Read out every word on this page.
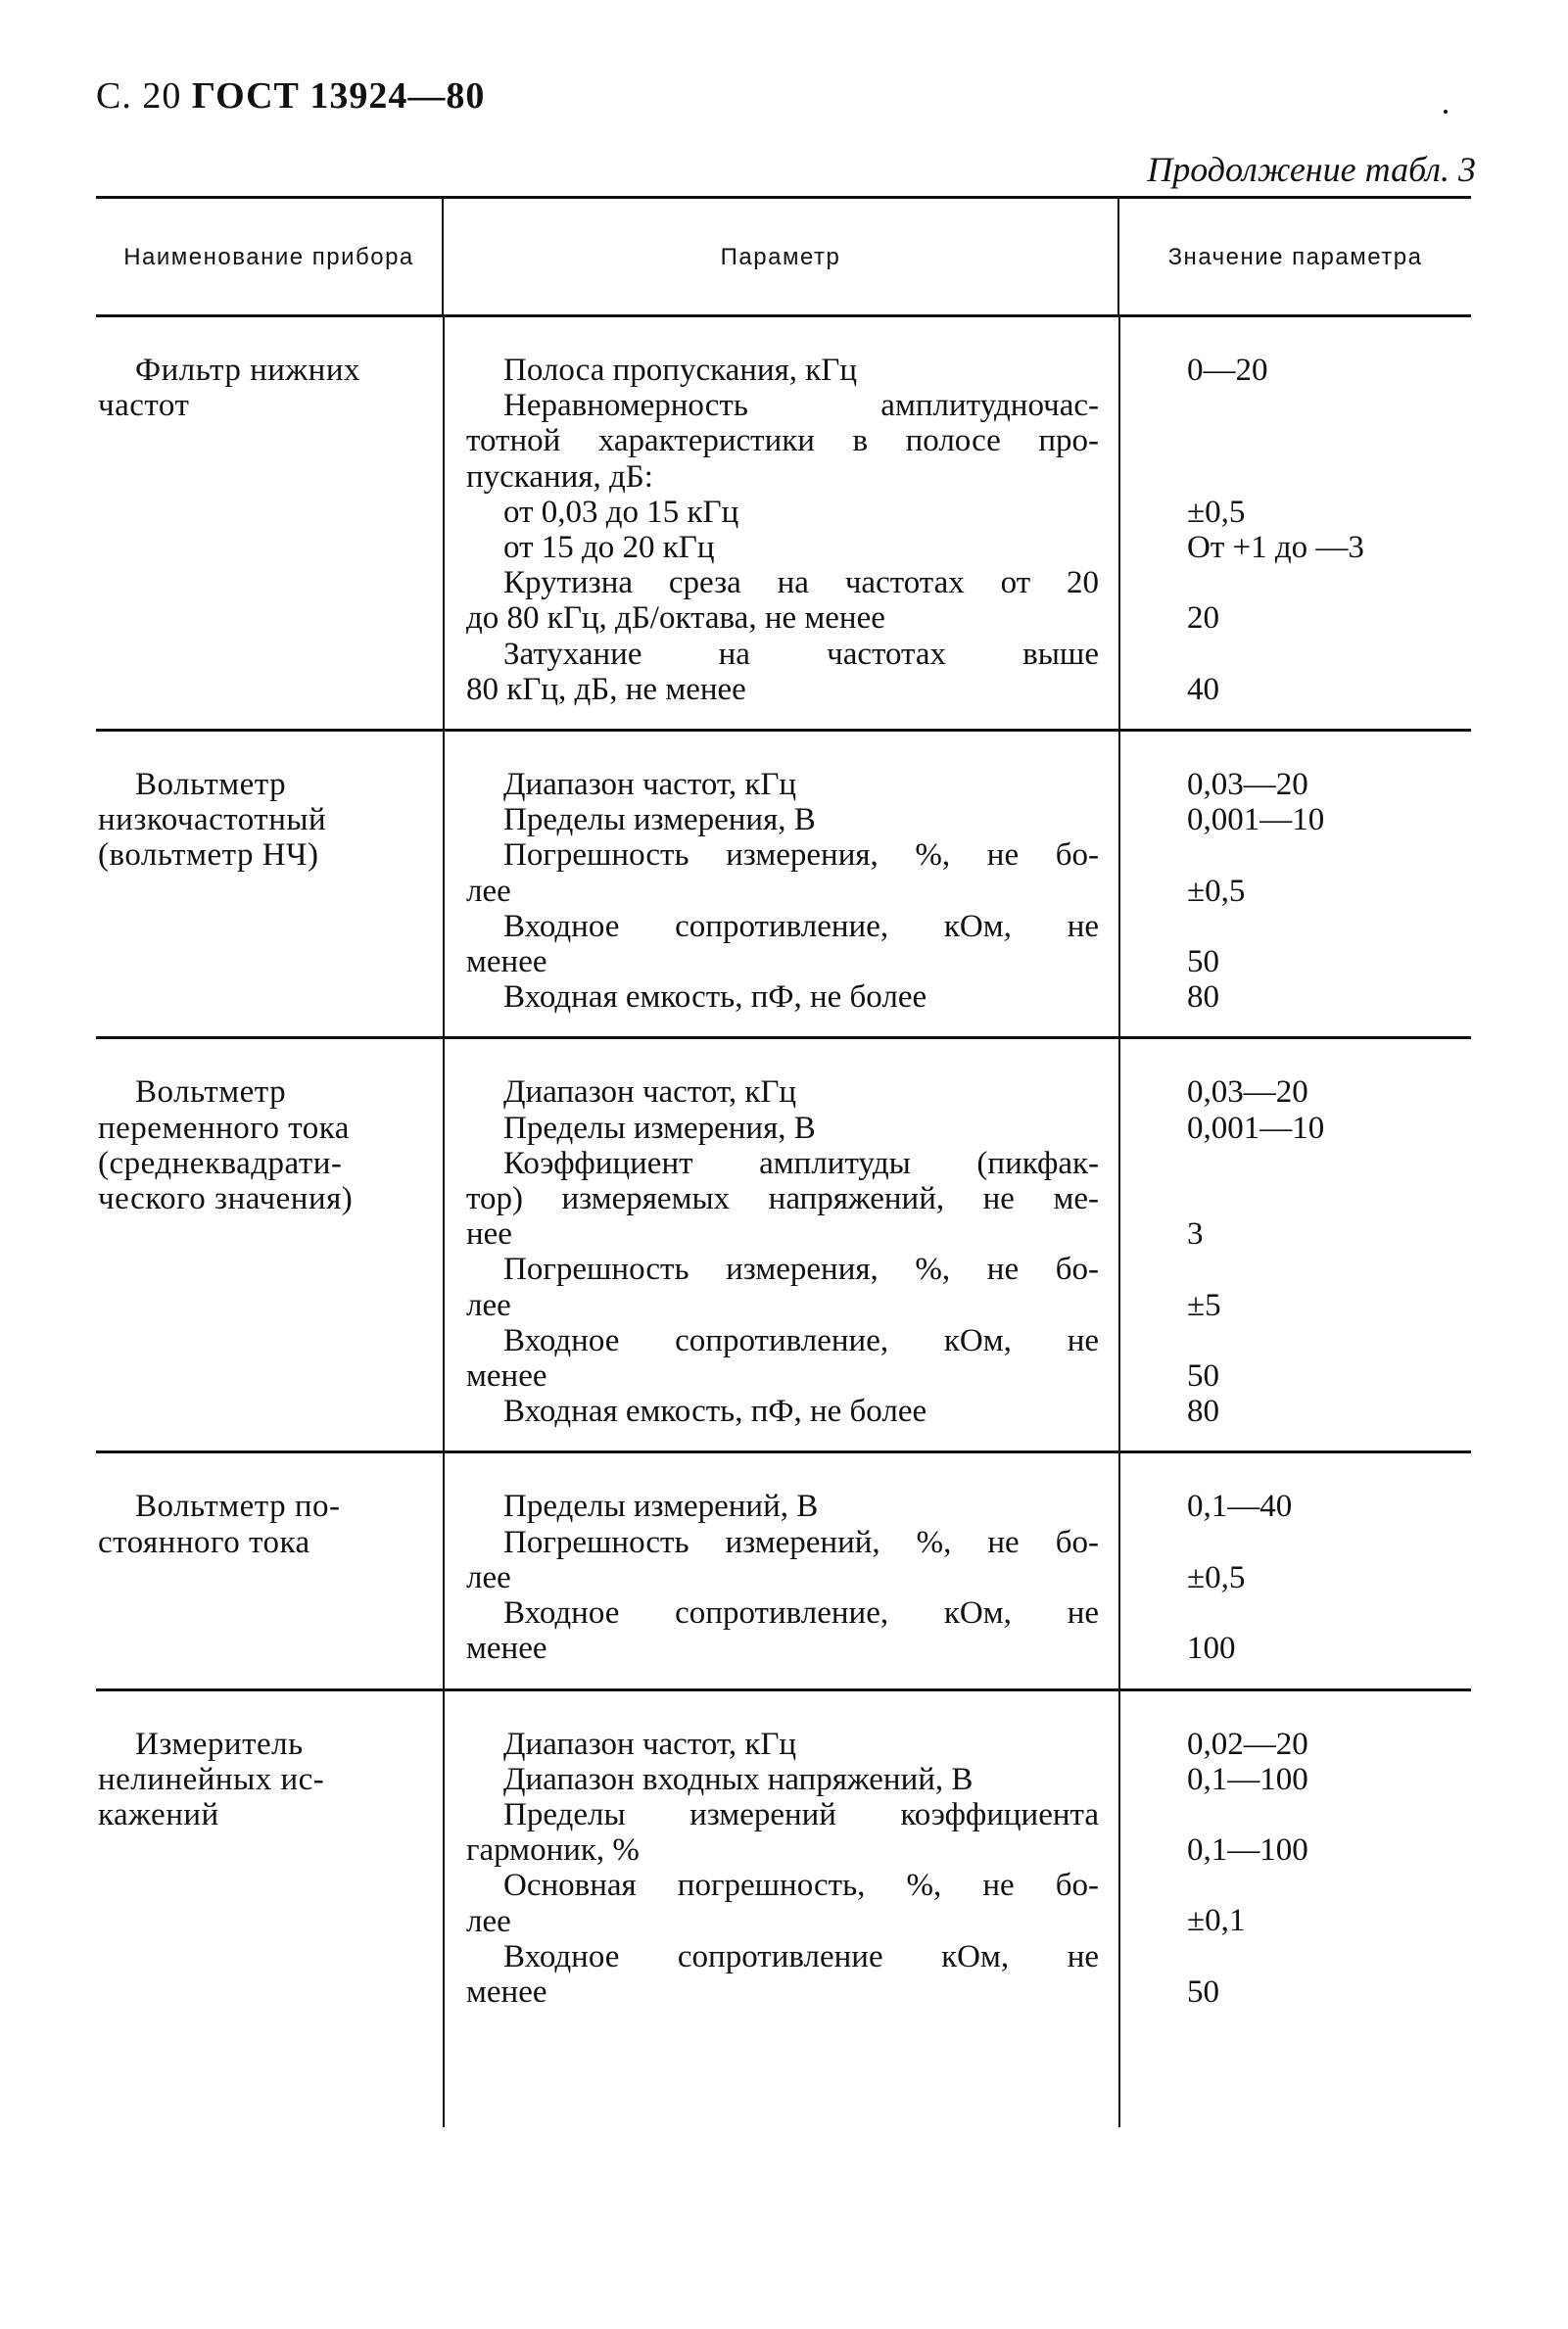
С. 20 ГОСТ 13924—80
Продолжение табл. 3
Наименование прибора	Параметр	Значение параметра
Фильтр нижних
частот
Полоса пропускания, кГц
Неравномерность амплитудночас-
тотной характеристики в полосе про-
пускания, дБ:
от 0,03 до 15 кГц
от 15 до 20 кГц
Крутизна среза на частотах от 20
до 80 кГц, дБ/октава, не менее
Затухание на частотах выше
80 кГц, дБ, не менее
0—20
±0,5
От +1 до —3
20
40
Вольтметр
низкочастотный
(вольтметр НЧ)
Диапазон частот, кГц
Пределы измерения, В
Погрешность измерения, %, не бо-
лее
Входное сопротивление, кОм, не
менее
Входная емкость, пФ, не более
0,03—20
0,001—10
±0,5
50
80
Вольтметр
переменного тока
(среднеквадрати-
ческого значения)
Диапазон частот, кГц
Пределы измерения, В
Коэффициент амплитуды (пикфак-
тор) измеряемых напряжений, не ме-
нее
Погрешность измерения, %, не бо-
лее
Входное сопротивление, кОм, не
менее
Входная емкость, пФ, не более
0,03—20
0,001—10
3
±5
50
80
Вольтметр по-
стоянного тока
Пределы измерений, В
Погрешность измерений, %, не бо-
лее
Входное сопротивление, кОм, не
менее
0,1—40
±0,5
100
Измеритель
нелинейных ис-
кажений
Диапазон частот, кГц
Диапазон входных напряжений, В
Пределы измерений коэффициента
гармоник, %
Основная погрешность, %, не бо-
лее
Входное сопротивление кОм, не
менее
0,02—20
0,1—100
0,1—100
±0,1
50
